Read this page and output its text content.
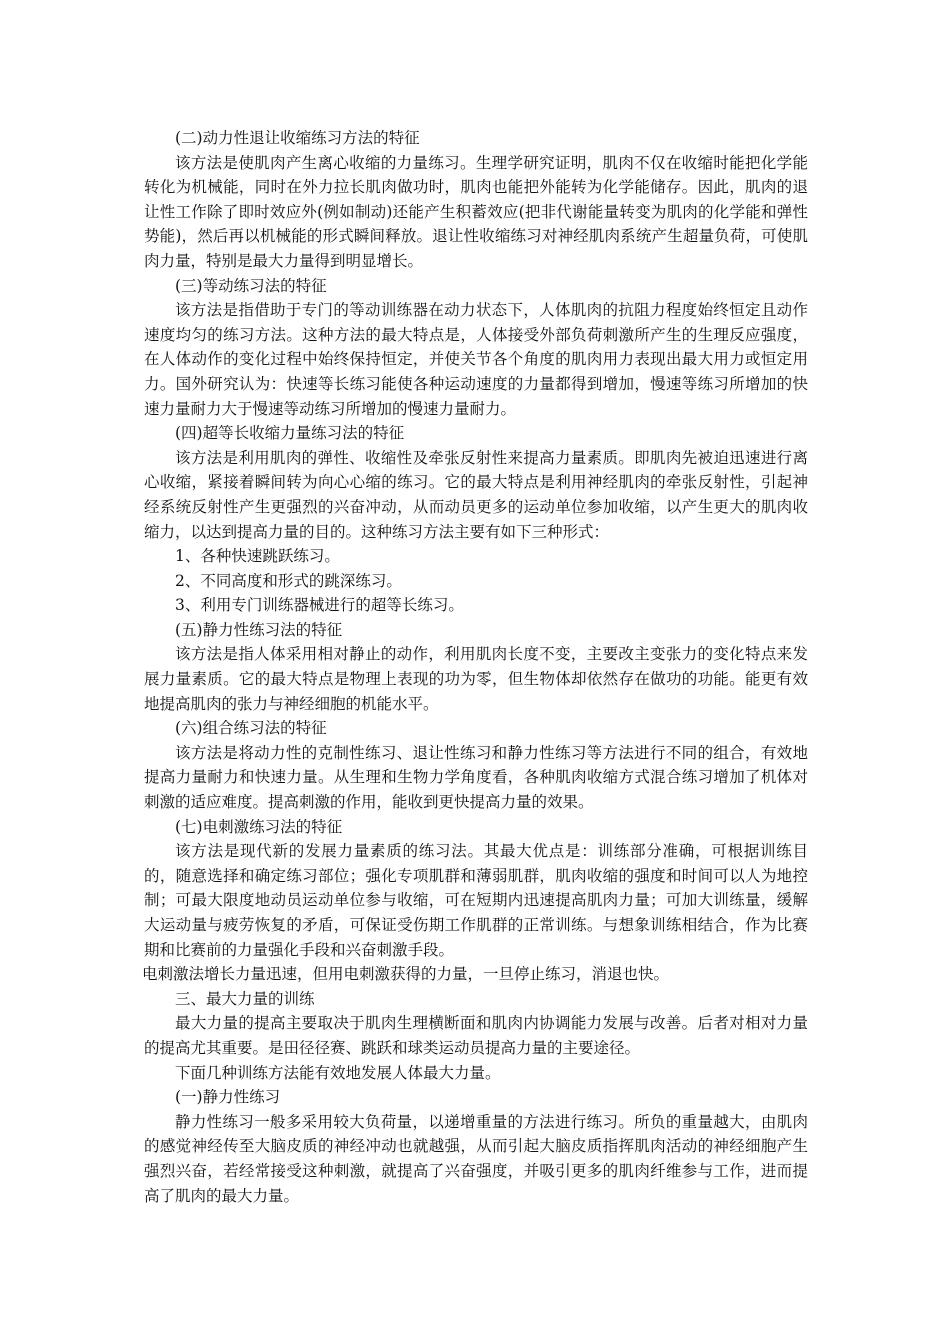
(二)动力性退让收缩练习方法的特征

该方法是使肌肉产生离心收缩的力量练习。生理学研究证明，肌肉不仅在收缩时能把化学能转化为机械能，同时在外力拉长肌肉做功时，肌肉也能把外能转为化学能储存。因此，肌肉的退让性工作除了即时效应外(例如制动)还能产生积蓄效应(把非代谢能量转变为肌肉的化学能和弹性势能)，然后再以机械能的形式瞬间释放。退让性收缩练习对神经肌肉系统产生超量负荷，可使肌肉力量，特别是最大力量得到明显增长。

(三)等动练习法的特征

该方法是指借助于专门的等动训练器在动力状态下，人体肌肉的抗阻力程度始终恒定且动作速度均匀的练习方法。这种方法的最大特点是，人体接受外部负荷刺激所产生的生理反应强度，在人体动作的变化过程中始终保持恒定，并使关节各个角度的肌肉用力表现出最大用力或恒定用力。国外研究认为：快速等长练习能使各种运动速度的力量都得到增加，慢速等练习所增加的快速力量耐力大于慢速等动练习所增加的慢速力量耐力。

(四)超等长收缩力量练习法的特征

该方法是利用肌肉的弹性、收缩性及牵张反射性来提高力量素质。即肌肉先被迫迅速进行离心收缩，紧接着瞬间转为向心心缩的练习。它的最大特点是利用神经肌肉的牵张反射性，引起神经系统反射性产生更强烈的兴奋冲动，从而动员更多的运动单位参加收缩，以产生更大的肌肉收缩力，以达到提高力量的目的。这种练习方法主要有如下三种形式：

1、各种快速跳跃练习。

2、不同高度和形式的跳深练习。

3、利用专门训练器械进行的超等长练习。

(五)静力性练习法的特征

该方法是指人体采用相对静止的动作，利用肌肉长度不变，主要改主变张力的变化特点来发展力量素质。它的最大特点是物理上表现的功为零，但生物体却依然存在做功的功能。能更有效地提高肌肉的张力与神经细胞的机能水平。

(六)组合练习法的特征

该方法是将动力性的克制性练习、退让性练习和静力性练习等方法进行不同的组合，有效地提高力量耐力和快速力量。从生理和生物力学角度看，各种肌肉收缩方式混合练习增加了机体对刺激的适应难度。提高刺激的作用，能收到更快提高力量的效果。

(七)电刺激练习法的特征

该方法是现代新的发展力量素质的练习法。其最大优点是：训练部分准确，可根据训练目的，随意选择和确定练习部位；强化专项肌群和薄弱肌群，肌肉收缩的强度和时间可以人为地控制；可最大限度地动员运动单位参与收缩，可在短期内迅速提高肌肉力量；可加大训练量，缓解大运动量与疲劳恢复的矛盾，可保证受伤期工作肌群的正常训练。与想象训练相结合，作为比赛期和比赛前的力量强化手段和兴奋刺激手段。

电刺激法增长力量迅速，但用电刺激获得的力量，一旦停止练习，消退也快。

三、最大力量的训练

最大力量的提高主要取决于肌肉生理横断面和肌肉内协调能力发展与改善。后者对相对力量的提高尤其重要。是田径径赛、跳跃和球类运动员提高力量的主要途径。

下面几种训练方法能有效地发展人体最大力量。

(一)静力性练习

静力性练习一般多采用较大负荷量，以递增重量的方法进行练习。所负的重量越大，由肌肉的感觉神经传至大脑皮质的神经冲动也就越强，从而引起大脑皮质指挥肌肉活动的神经细胞产生强烈兴奋，若经常接受这种刺激，就提高了兴奋强度，并吸引更多的肌肉纤维参与工作，进而提高了肌肉的最大力量。
